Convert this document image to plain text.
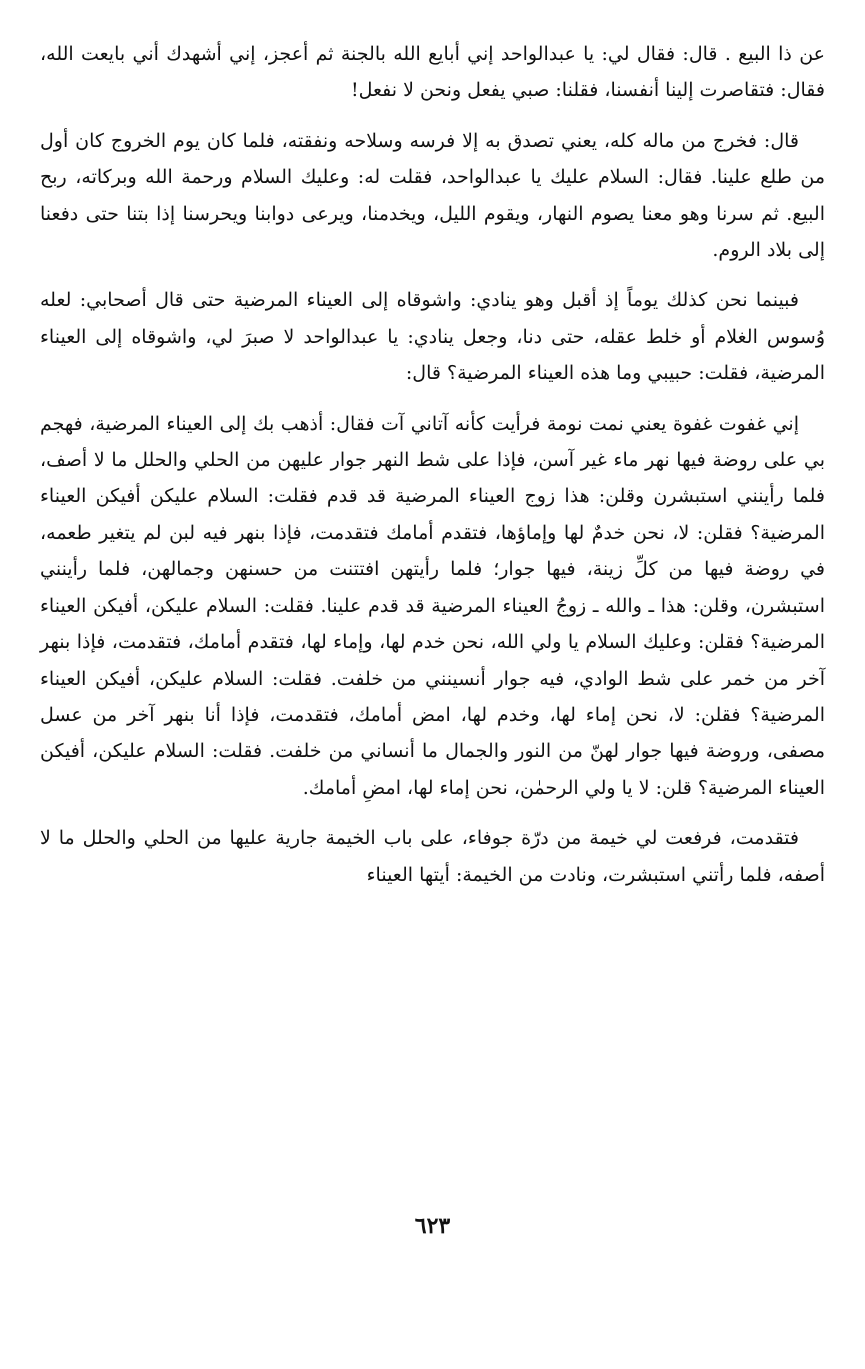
عن ذا البيع . قال: فقال لي: يا عبدالواحد إني أبايع الله بالجنة ثم أعجز، إني أشهدك أني بايعت الله، فقال: فتقاصرت إلينا أنفسنا، فقلنا: صبي يفعل ونحن لا نفعل!

قال: فخرج من ماله كله، يعني تصدق به إلا فرسه وسلاحه ونفقته، فلما كان يوم الخروج كان أول من طلع علينا. فقال: السلام عليك يا عبدالواحد، فقلت له: وعليك السلام ورحمة الله وبركاته، ربح البيع. ثم سرنا وهو معنا يصوم النهار، ويقوم الليل، ويخدمنا، ويرعى دوابنا ويحرسنا إذا بتنا حتى دفعنا إلى بلاد الروم.

فبينما نحن كذلك يوماً إذ أقبل وهو ينادي: واشوقاه إلى العيناء المرضية حتى قال أصحابي: لعله وُسوس الغلام أو خلط عقله، حتى دنا، وجعل ينادي: يا عبدالواحد لا صبرَ لي، واشوقاه إلى العيناء المرضية، فقلت: حبيبي وما هذه العيناء المرضية؟ قال:

إني غفوت غفوة يعني نمت نومة فرأيت كأنه آتاني آت فقال: أذهب بك إلى العيناء المرضية، فهجم بي على روضة فيها نهر ماء غير آسن، فإذا على شط النهر جوار عليهن من الحلي والحلل ما لا أصف، فلما رأينني استبشرن وقلن: هذا زوج العيناء المرضية قد قدم فقلت: السلام عليكن أفيكن العيناء المرضية؟ فقلن: لا، نحن خدمٌ لها وإماؤها، فتقدم أمامك فتقدمت، فإذا بنهر فيه لبن لم يتغير طعمه، في روضة فيها من كلِّ زينة، فيها جوار؛ فلما رأيتهن افتتنت من حسنهن وجمالهن، فلما رأينني استبشرن، وقلن: هذا ـ والله ـ زوجُ العيناء المرضية قد قدم علينا. فقلت: السلام عليكن، أفيكن العيناء المرضية؟ فقلن: وعليك السلام يا ولي الله، نحن خدم لها، وإماء لها، فتقدم أمامك، فتقدمت، فإذا بنهر آخر من خمر على شط الوادي، فيه جوار أنسينني من خلفت. فقلت: السلام عليكن، أفيكن العيناء المرضية؟ فقلن: لا، نحن إماء لها، وخدم لها، امض أمامك، فتقدمت، فإذا أنا بنهر آخر من عسل مصفى، وروضة فيها جوار لهنّ من النور والجمال ما أنساني من خلفت. فقلت: السلام عليكن، أفيكن العيناء المرضية؟ قلن: لا يا ولي الرحمٰن، نحن إماء لها، امضِ أمامك.

فتقدمت، فرفعت لي خيمة من درّة جوفاء، على باب الخيمة جارية عليها من الحلي والحلل ما لا أصفه، فلما رأتني استبشرت، ونادت من الخيمة: أيتها العيناء

٦٢٣
